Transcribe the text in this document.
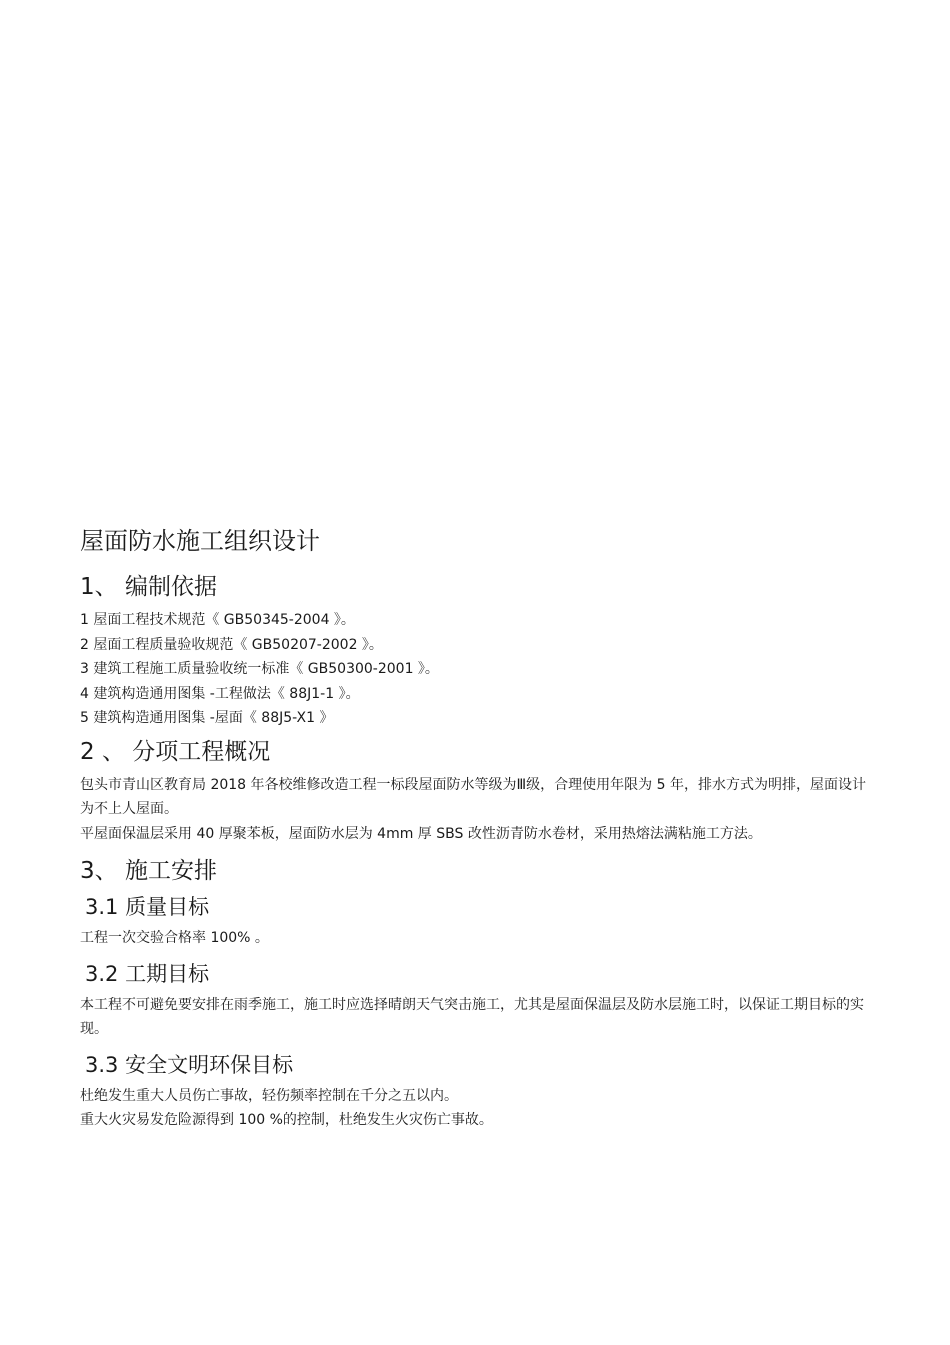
屋面防水施工组织设计
1、 编制依据
1 屋面工程技术规范《 GB50345-2004 》。
2 屋面工程质量验收规范《 GB50207-2002 》。
3 建筑工程施工质量验收统一标准《 GB50300-2001 》。
4 建筑构造通用图集 -工程做法《 88J1-1 》。
5 建筑构造通用图集 -屋面《 88J5-X1 》
2 、 分项工程概况

包头市青山区教育局 2018 年各校维修改造工程一标段屋面防水等级为Ⅲ级，合理使用年限为 5 年，排水方式为明排，屋面设计为不上人屋面。

平屋面保温层采用 40 厚聚苯板，屋面防水层为 4mm 厚 SBS 改性沥青防水卷材，采用热熔法满粘施工方法。

3、 施工安排
3.1 质量目标

工程一次交验合格率 100% 。

3.2 工期目标

本工程不可避免要安排在雨季施工，施工时应选择晴朗天气突击施工，尤其是屋面保温层及防水层施工时，以保证工期目标的实现。

3.3 安全文明环保目标

杜绝发生重大人员伤亡事故，轻伤频率控制在千分之五以内。

重大火灾易发危险源得到 100 %的控制，杜绝发生火灾伤亡事故。
